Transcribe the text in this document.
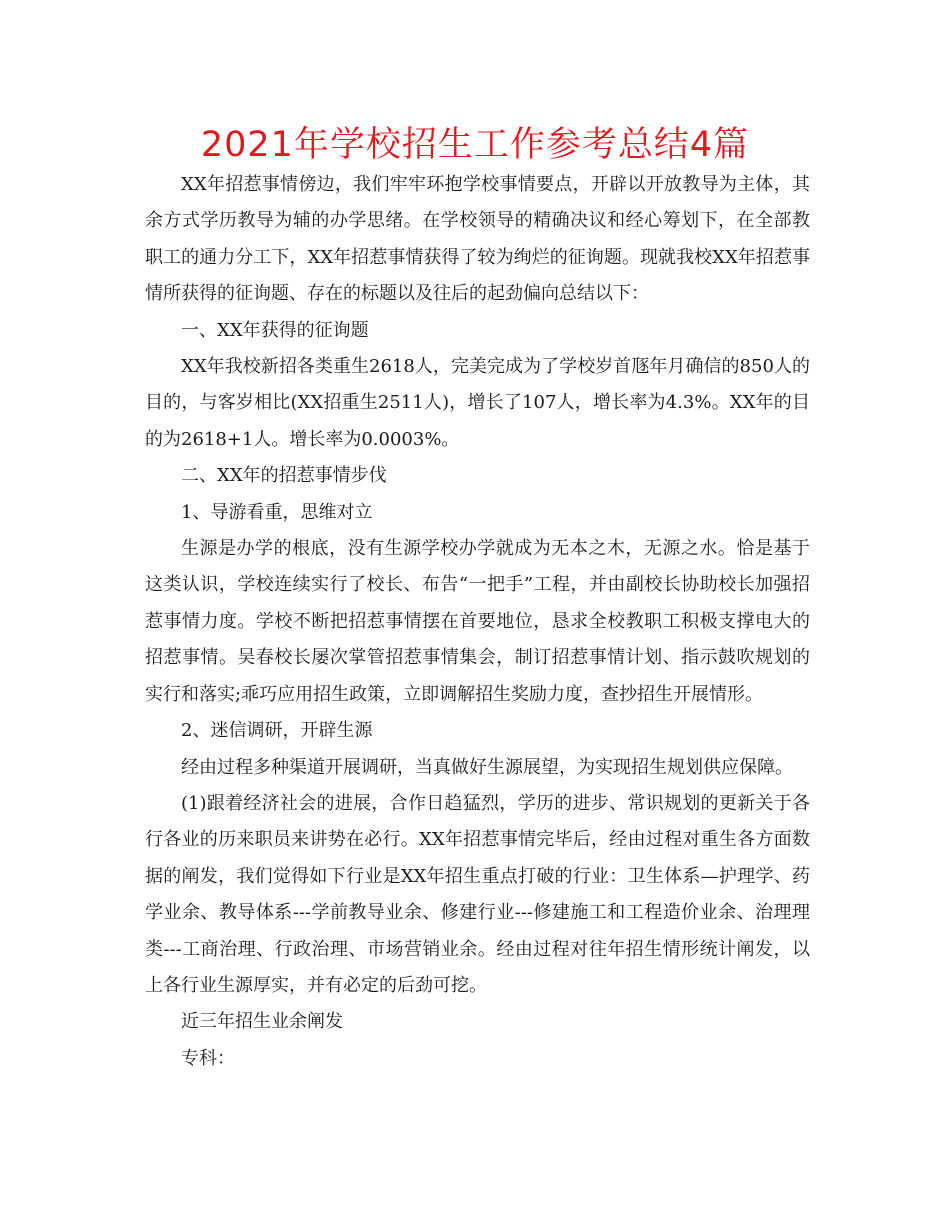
2021年学校招生工作参考总结4篇

XX年招惹事情傍边，我们牢牢环抱学校事情要点，开辟以开放教导为主体，其余方式学历教导为辅的办学思绪。在学校领导的精确决议和经心筹划下，在全部教职工的通力分工下，XX年招惹事情获得了较为绚烂的征询题。现就我校XX年招惹事情所获得的征询题、存在的标题以及往后的起劲偏向总结以下：

一、XX年获得的征询题

XX年我校新招各类重生2618人，完美完成为了学校岁首豗年月确信的850人的目的，与客岁相比(XX招重生2511人)，增长了107人，增长率为4.3%。XX年的目的为2618+1人。增长率为0.0003%。

二、XX年的招惹事情步伐

1、导游看重，思维对立

生源是办学的根底，没有生源学校办学就成为无本之木，无源之水。恰是基于这类认识，学校连续实行了校长、布告“一把手”工程，并由副校长协助校长加强招惹事情力度。学校不断把招惹事情摆在首要地位，恳求全校教职工积极支撑电大的招惹事情。吴春校长屡次掌管招惹事情集会，制订招惹事情计划、指示鼓吹规划的实行和落实;乖巧应用招生政策，立即调解招生奖励力度，查抄招生开展情形。

2、迷信调研，开辟生源

经由过程多种渠道开展调研，当真做好生源展望，为实现招生规划供应保障。

(1)跟着经济社会的进展，合作日趋猛烈，学历的进步、常识规划的更新关于各行各业的历来职员来讲势在必行。XX年招惹事情完毕后，经由过程对重生各方面数据的阐发，我们觉得如下行业是XX年招生重点打破的行业：卫生体系—护理学、药学业余、教导体系---学前教导业余、修建行业---修建施工和工程造价业余、治理理类---工商治理、行政治理、市场营销业余。经由过程对往年招生情形统计阐发，以上各行业生源厚实，并有必定的后劲可挖。

近三年招生业余阐发

专科：
